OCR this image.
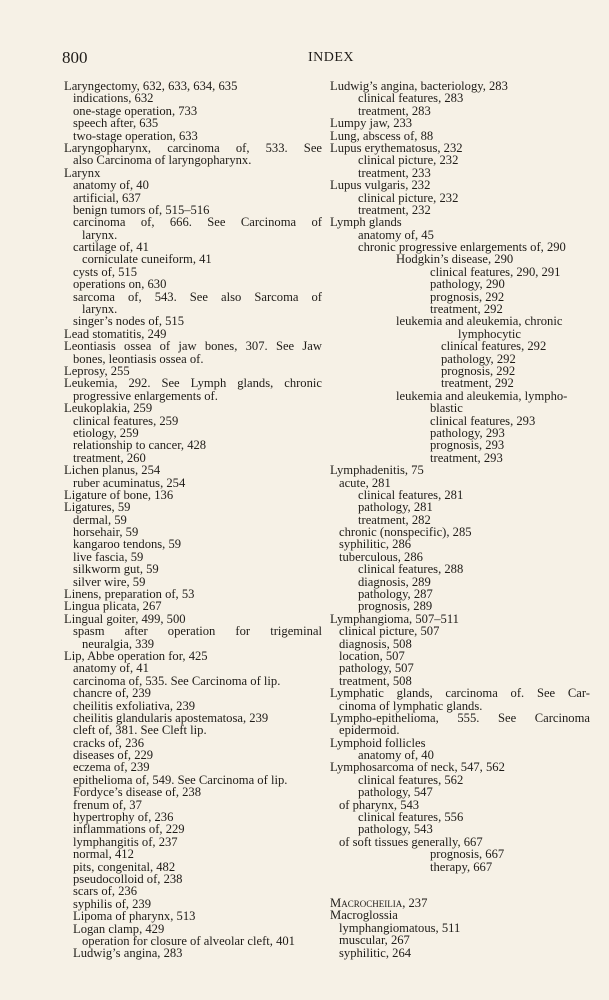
800	INDEX
Laryngectomy, 632, 633, 634, 635
indications, 632
one-stage operation, 733
speech after, 635
two-stage operation, 633
Laryngopharynx, carcinoma of, 533. See
also Carcinoma of laryngopharynx.
Larynx
anatomy of, 40
artificial, 637
benign tumors of, 515–516
carcinoma of, 666. See Carcinoma of
larynx.
cartilage of, 41
corniculate cuneiform, 41
cysts of, 515
operations on, 630
sarcoma of, 543. See also Sarcoma of
larynx.
singer’s nodes of, 515
Lead stomatitis, 249
Leontiasis ossea of jaw bones, 307. See Jaw
bones, leontiasis ossea of.
Leprosy, 255
Leukemia, 292. See Lymph glands, chronic
progressive enlargements of.
Leukoplakia, 259
clinical features, 259
etiology, 259
relationship to cancer, 428
treatment, 260
Lichen planus, 254
ruber acuminatus, 254
Ligature of bone, 136
Ligatures, 59
dermal, 59
horsehair, 59
kangaroo tendons, 59
live fascia, 59
silkworm gut, 59
silver wire, 59
Linens, preparation of, 53
Lingua plicata, 267
Lingual goiter, 499, 500
spasm after operation for trigeminal
neuralgia, 339
Lip, Abbe operation for, 425
anatomy of, 41
carcinoma of, 535. See Carcinoma of lip.
chancre of, 239
cheilitis exfoliativa, 239
cheilitis glandularis apostematosa, 239
cleft of, 381. See Cleft lip.
cracks of, 236
diseases of, 229
eczema of, 239
epithelioma of, 549. See Carcinoma of lip.
Fordyce’s disease of, 238
frenum of, 37
hypertrophy of, 236
inflammations of, 229
lymphangitis of, 237
normal, 412
pits, congenital, 482
pseudocolloid of, 238
scars of, 236
syphilis of, 239
Lipoma of pharynx, 513
Logan clamp, 429
operation for closure of alveolar cleft, 401
Ludwig’s angina, 283
Ludwig’s angina, bacteriology, 283
clinical features, 283
treatment, 283
Lumpy jaw, 233
Lung, abscess of, 88
Lupus erythematosus, 232
clinical picture, 232
treatment, 233
Lupus vulgaris, 232
clinical picture, 232
treatment, 232
Lymph glands
anatomy of, 45
chronic progressive enlargements of, 290
Hodgkin’s disease, 290
clinical features, 290, 291
pathology, 290
prognosis, 292
treatment, 292
leukemia and aleukemia, chronic
lymphocytic
clinical features, 292
pathology, 292
prognosis, 292
treatment, 292
leukemia and aleukemia, lympho-
blastic
clinical features, 293
pathology, 293
prognosis, 293
treatment, 293
Lymphadenitis, 75
acute, 281
clinical features, 281
pathology, 281
treatment, 282
chronic (nonspecific), 285
syphilitic, 286
tuberculous, 286
clinical features, 288
diagnosis, 289
pathology, 287
prognosis, 289
Lymphangioma, 507–511
clinical picture, 507
diagnosis, 508
location, 507
pathology, 507
treatment, 508
Lymphatic glands, carcinoma of. See Car-
cinoma of lymphatic glands.
Lympho-epithelioma, 555. See Carcinoma
epidermoid.
Lymphoid follicles
anatomy of, 40
Lymphosarcoma of neck, 547, 562
clinical features, 562
pathology, 547
of pharynx, 543
clinical features, 556
pathology, 543
of soft tissues generally, 667
prognosis, 667
therapy, 667
Macrocheilia, 237
Macroglossia
lymphangiomatous, 511
muscular, 267
syphilitic, 264
